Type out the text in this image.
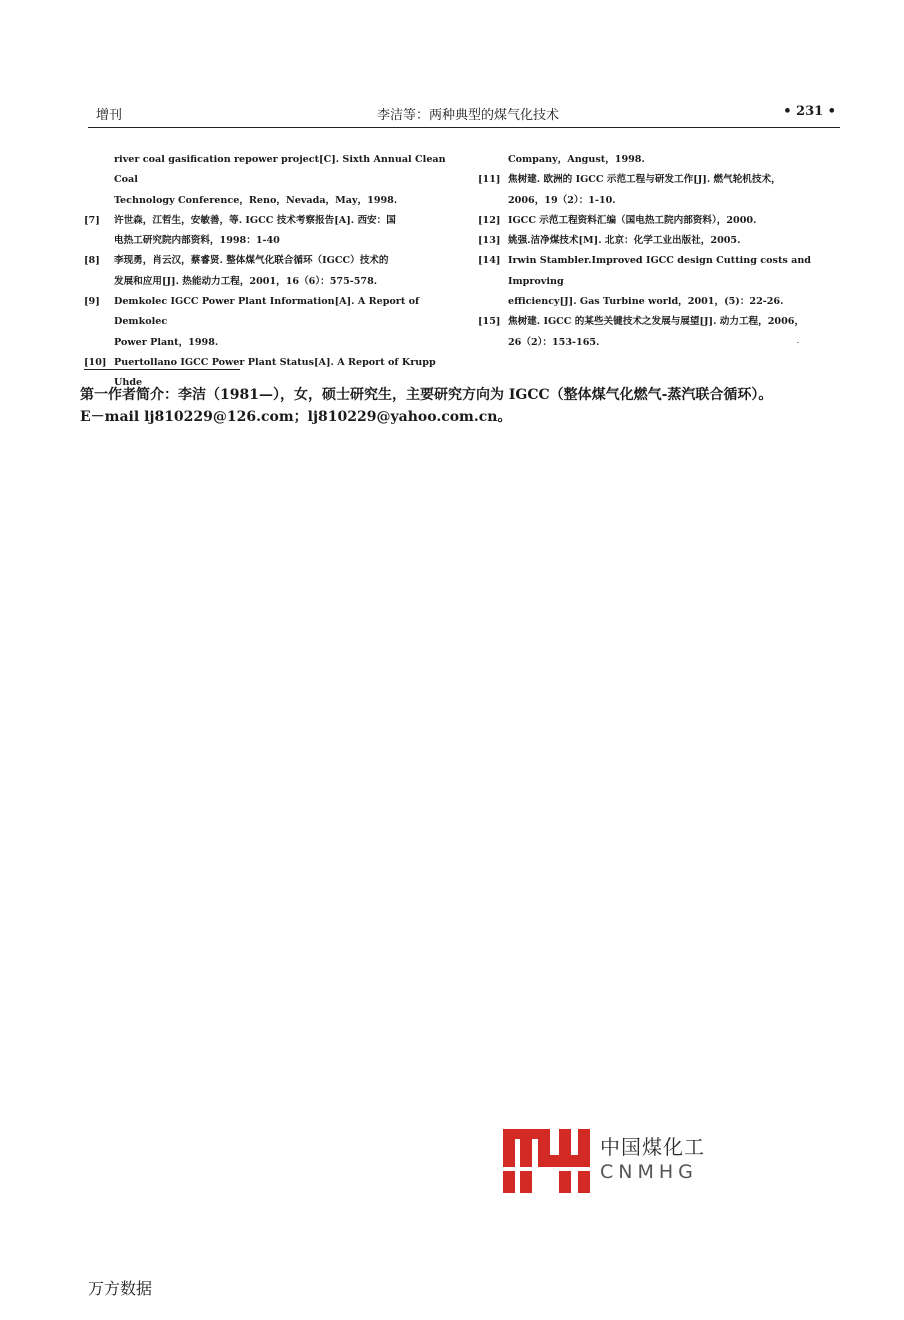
增刊	李洁等：两种典型的煤气化技术	• 231 •
river coal gasification repower project[C]. Sixth Annual Clean Coal
Technology Conference，Reno，Nevada，May，1998.
[7] 许世森，江哲生，安敏善，等. IGCC 技术考察报告[A]. 西安：国
电热工研究院内部资料，1998：1-40
[8] 李现勇，肖云汉，蔡睿贤. 整体煤气化联合循环（IGCC）技术的
发展和应用[J]. 热能动力工程，2001，16（6）：575-578.
[9] Demkolec IGCC Power Plant Information[A]. A Report of Demkolec
Power Plant，1998.
[10] Puertollano IGCC Power Plant Status[A]. A Report of Krupp Uhde
Company，Angust，1998.
[11] 焦树建. 欧洲的 IGCC 示范工程与研发工作[J]. 燃气轮机技术，
2006，19（2）：1-10.
[12] IGCC 示范工程资料汇编（国电热工院内部资料），2000.
[13] 姚强.洁净煤技术[M]. 北京：化学工业出版社，2005.
[14] Irwin Stambler.Improved IGCC design Cutting costs and Improving
efficiency[J]. Gas Turbine world，2001，(5)：22-26.
[15] 焦树建. IGCC 的某些关键技术之发展与展望[J]. 动力工程，2006，
26（2）：153-165.
第一作者简介：李洁（1981—），女，硕士研究生，主要研究方向为 IGCC（整体煤气化燃气-蒸汽联合循环）。
E－mail lj810229@126.com；lj810229@yahoo.com.cn。
中国煤化工
CNMHG
万方数据
